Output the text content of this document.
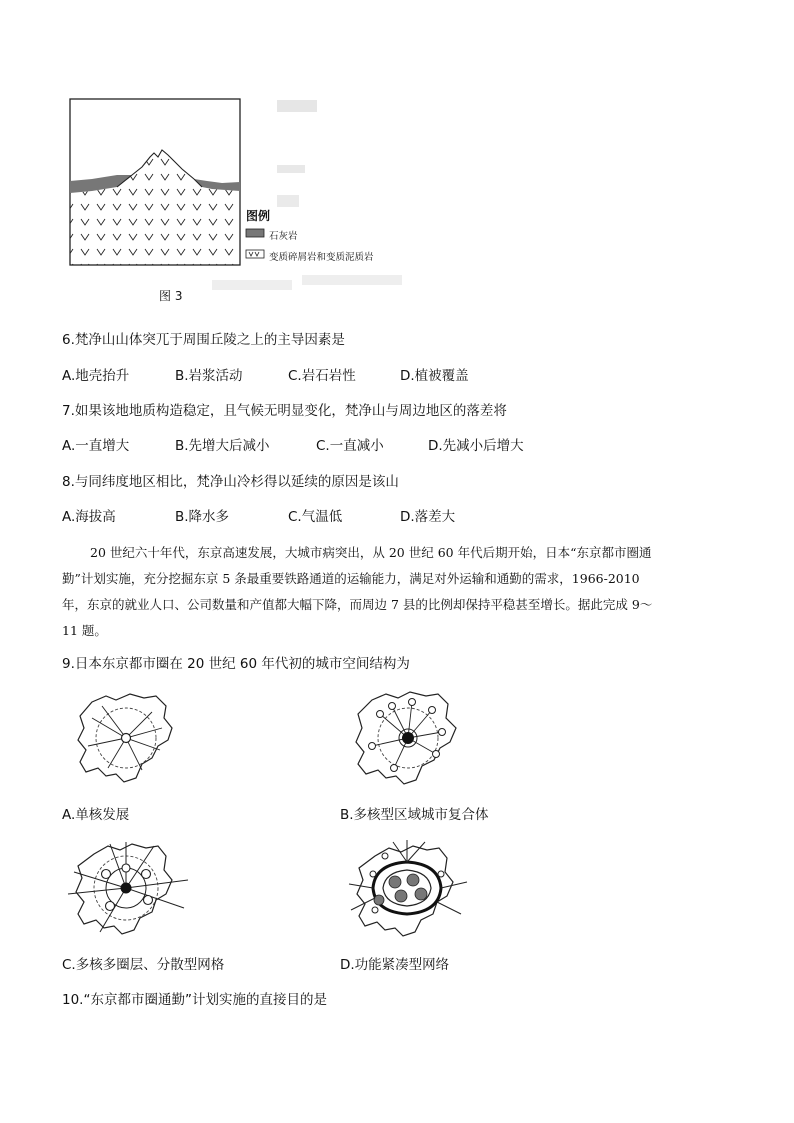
图例
石灰岩
变质碎屑岩和变质泥质岩
图 3
6.梵净山山体突兀于周围丘陵之上的主导因素是
A.地壳抬升	B.岩浆活动	C.岩石岩性	D.植被覆盖
7.如果该地地质构造稳定，且气候无明显变化，梵净山与周边地区的落差将
A.一直增大	B.先增大后减小	C.一直减小	D.先减小后增大
8.与同纬度地区相比，梵净山冷杉得以延续的原因是该山
A.海拔高	B.降水多	C.气温低	D.落差大
20 世纪六十年代，东京高速发展，大城市病突出，从 20 世纪 60 年代后期开始，日本“东京都市圈通
勤”计划实施，充分挖掘东京 5 条最重要铁路通道的运输能力，满足对外运输和通勤的需求，1966-2010
年，东京的就业人口、公司数量和产值都大幅下降，而周边 7 县的比例却保持平稳甚至增长。据此完成 9～
11 题。
9.日本东京都市圈在 20 世纪 60 年代初的城市空间结构为
A.单核发展	B.多核型区域城市复合体
C.多核多圈层、分散型网格	D.功能紧凑型网络
10.“东京都市圈通勤”计划实施的直接目的是
